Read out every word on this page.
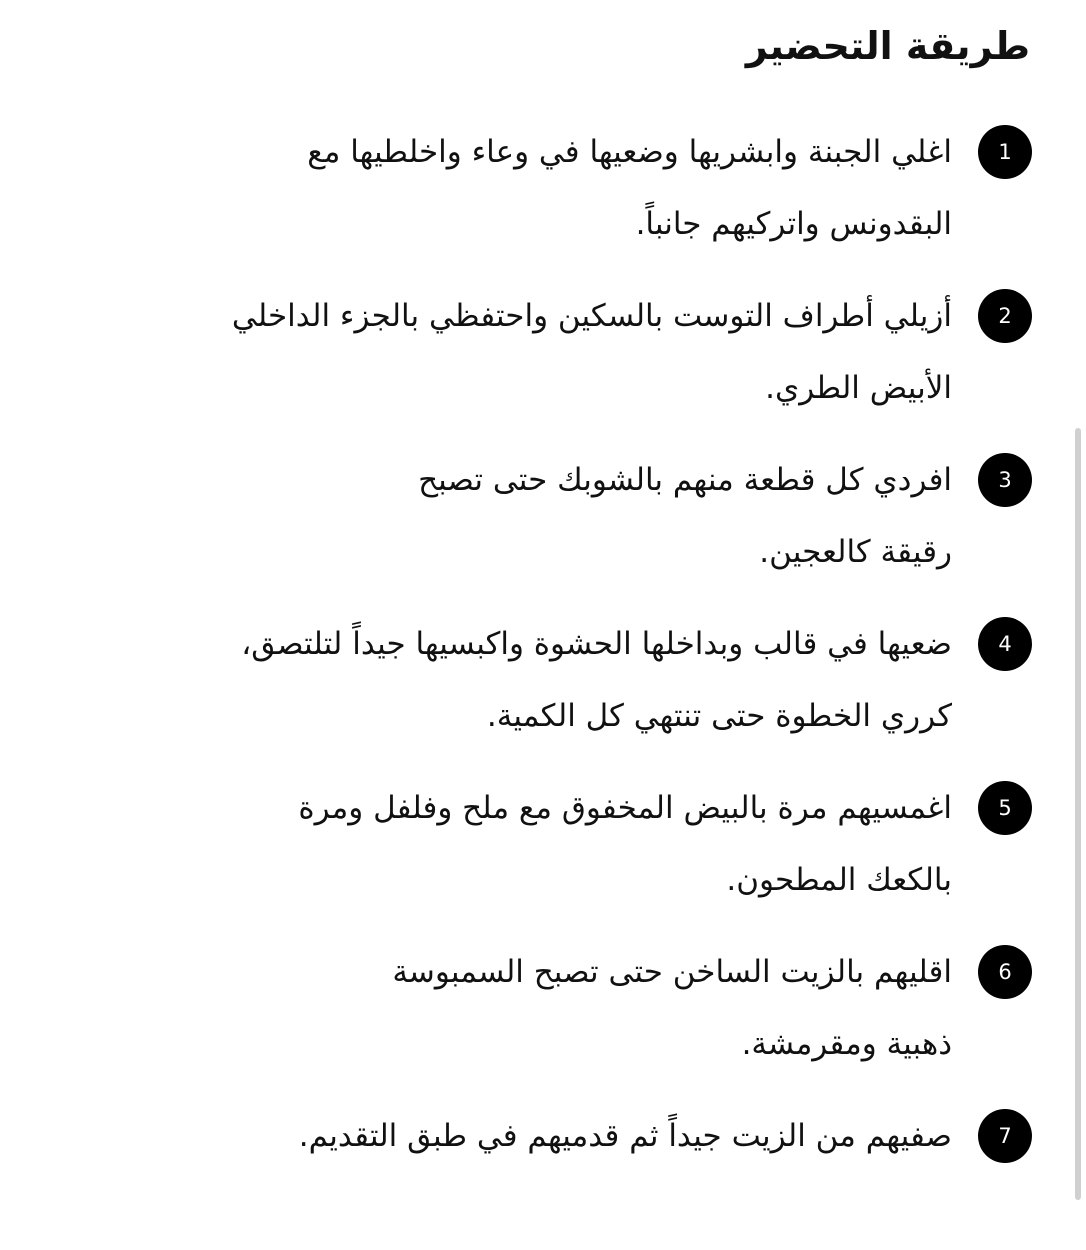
طريقة التحضير
1

اغلي الجبنة وابشريها وضعيها في وعاء واخلطيها مع
البقدونس واتركيهم جانباً.

2

أزيلي أطراف التوست بالسكين واحتفظي بالجزء الداخلي
الأبيض الطري.

3

افردي كل قطعة منهم بالشوبك حتى تصبح
رقيقة كالعجين.

4

ضعيها في قالب وبداخلها الحشوة واكبسيها جيداً لتلتصق،
كرري الخطوة حتى تنتهي كل الكمية.

5

اغمسيهم مرة بالبيض المخفوق مع ملح وفلفل ومرة
بالكعك المطحون.

6

اقليهم بالزيت الساخن حتى تصبح السمبوسة
ذهبية ومقرمشة.

7

صفيهم من الزيت جيداً ثم قدميهم في طبق التقديم.
